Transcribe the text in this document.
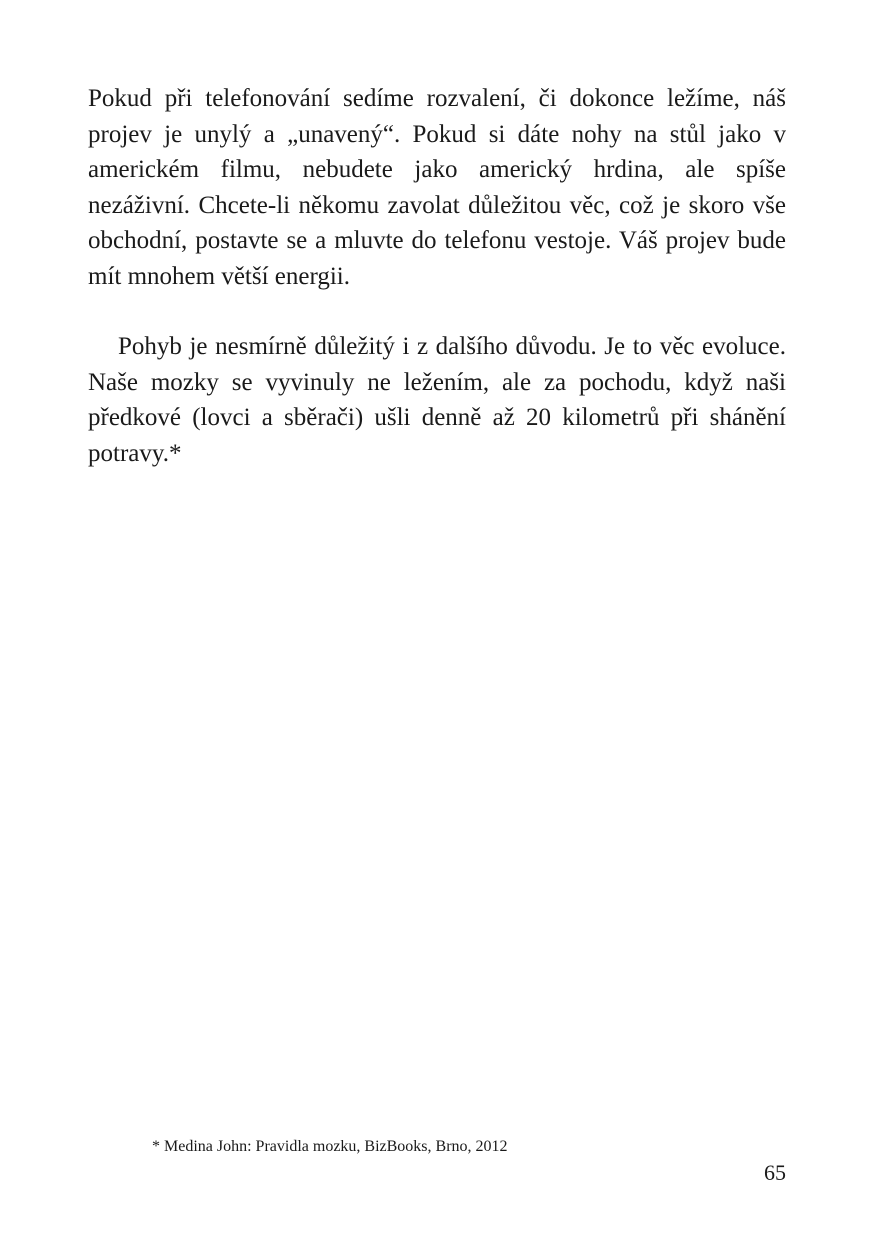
Pokud při telefonování sedíme rozvalení, či dokonce ležíme, náš projev je unylý a „unavený“. Pokud si dáte nohy na stůl jako v americkém filmu, nebudete jako americký hrdina, ale spíše nezáživní. Chcete-li někomu zavolat důležitou věc, což je skoro vše obchodní, postavte se a mluvte do telefonu vestoje. Váš projev bude mít mnohem větší energii.

Pohyb je nesmírně důležitý i z dalšího důvodu. Je to věc evoluce. Naše mozky se vyvinuly ne ležením, ale za pochodu, když naši předkové (lovci a sběrači) ušli denně až 20 kilometrů při shánění potravy.*

* Medina John: Pravidla mozku, BizBooks, Brno, 2012
65
